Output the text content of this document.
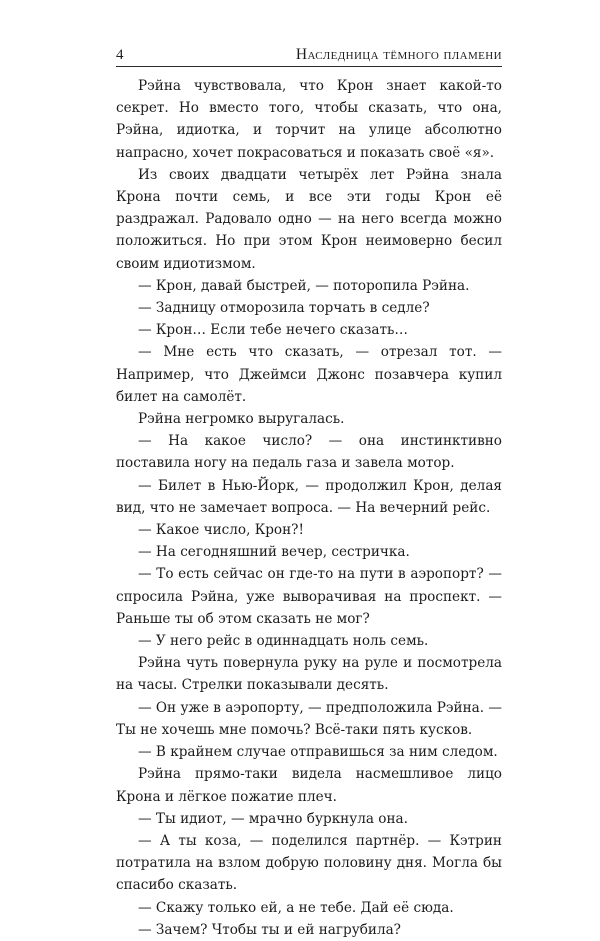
4	Наследница тёмного пламени

Рэйна чувствовала, что Крон знает какой-то секрет. Но вместо того, чтобы сказать, что она, Рэйна, идиотка, и торчит на улице абсолютно напрасно, хочет покрасоваться и показать своё «я».

Из своих двадцати четырёх лет Рэйна знала Крона почти семь, и все эти годы Крон её раздражал. Радовало одно — на него всегда можно положиться. Но при этом Крон неимоверно бесил своим идиотизмом.

— Крон, давай быстрей, — поторопила Рэйна.

— Задницу отморозила торчать в седле?

— Крон… Если тебе нечего сказать…

— Мне есть что сказать, — отрезал тот. — Например, что Джеймси Джонс позавчера купил билет на самолёт.

Рэйна негромко выругалась.

— На какое число? — она инстинктивно поставила ногу на педаль газа и завела мотор.

— Билет в Нью-Йорк, — продолжил Крон, делая вид, что не замечает вопроса. — На вечерний рейс.

— Какое число, Крон?!

— На сегодняшний вечер, сестричка.

— То есть сейчас он где-то на пути в аэропорт? — спросила Рэйна, уже выворачивая на проспект. — Раньше ты об этом сказать не мог?

— У него рейс в одиннадцать ноль семь.

Рэйна чуть повернула руку на руле и посмотрела на часы. Стрелки показывали десять.

— Он уже в аэропорту, — предположила Рэйна. — Ты не хочешь мне помочь? Всё-таки пять кусков.

— В крайнем случае отправишься за ним следом.

Рэйна прямо-таки видела насмешливое лицо Крона и лёгкое пожатие плеч.

— Ты идиот, — мрачно буркнула она.

— А ты коза, — поделился партнёр. — Кэтрин потратила на взлом добрую половину дня. Могла бы спасибо сказать.

— Скажу только ей, а не тебе. Дай её сюда.

— Зачем? Чтобы ты и ей нагрубила?
